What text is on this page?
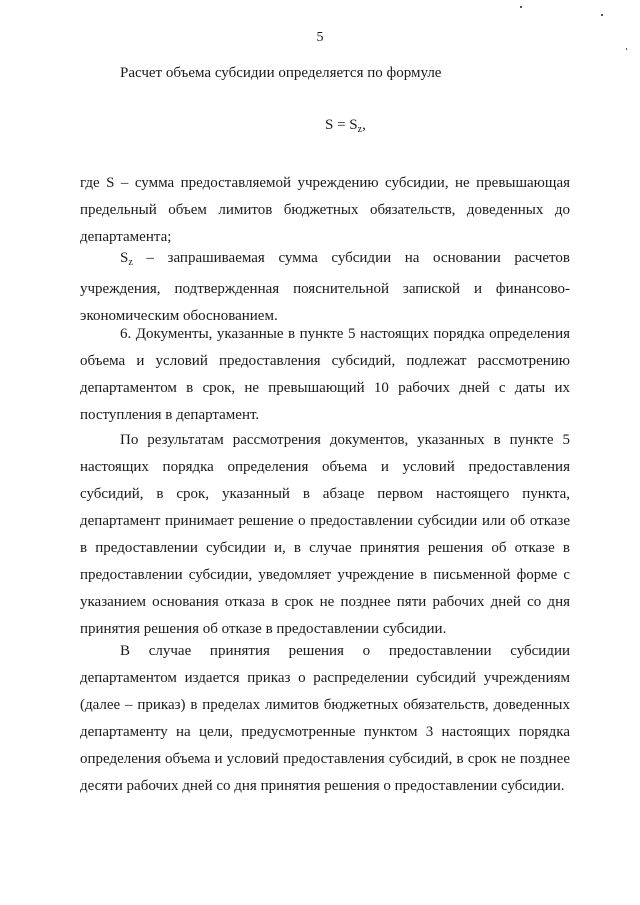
5
Расчет объема субсидии определяется по формуле
$S = S_z$,
где S – сумма предоставляемой учреждению субсидии, не превышающая предельный объем лимитов бюджетных обязательств, доведенных до департамента;
$S_z$ – запрашиваемая сумма субсидии на основании расчетов учреждения, подтвержденная пояснительной запиской и финансово-экономическим обоснованием.
6. Документы, указанные в пункте 5 настоящих порядка определения объема и условий предоставления субсидий, подлежат рассмотрению департаментом в срок, не превышающий 10 рабочих дней с даты их поступления в департамент.
По результатам рассмотрения документов, указанных в пункте 5 настоящих порядка определения объема и условий предоставления субсидий, в срок, указанный в абзаце первом настоящего пункта, департамент принимает решение о предоставлении субсидии или об отказе в предоставлении субсидии и, в случае принятия решения об отказе в предоставлении субсидии, уведомляет учреждение в письменной форме с указанием основания отказа в срок не позднее пяти рабочих дней со дня принятия решения об отказе в предоставлении субсидии.
В случае принятия решения о предоставлении субсидии департаментом издается приказ о распределении субсидий учреждениям (далее – приказ) в пределах лимитов бюджетных обязательств, доведенных департаменту на цели, предусмотренные пунктом 3 настоящих порядка определения объема и условий предоставления субсидий, в срок не позднее десяти рабочих дней со дня принятия решения о предоставлении субсидии.
